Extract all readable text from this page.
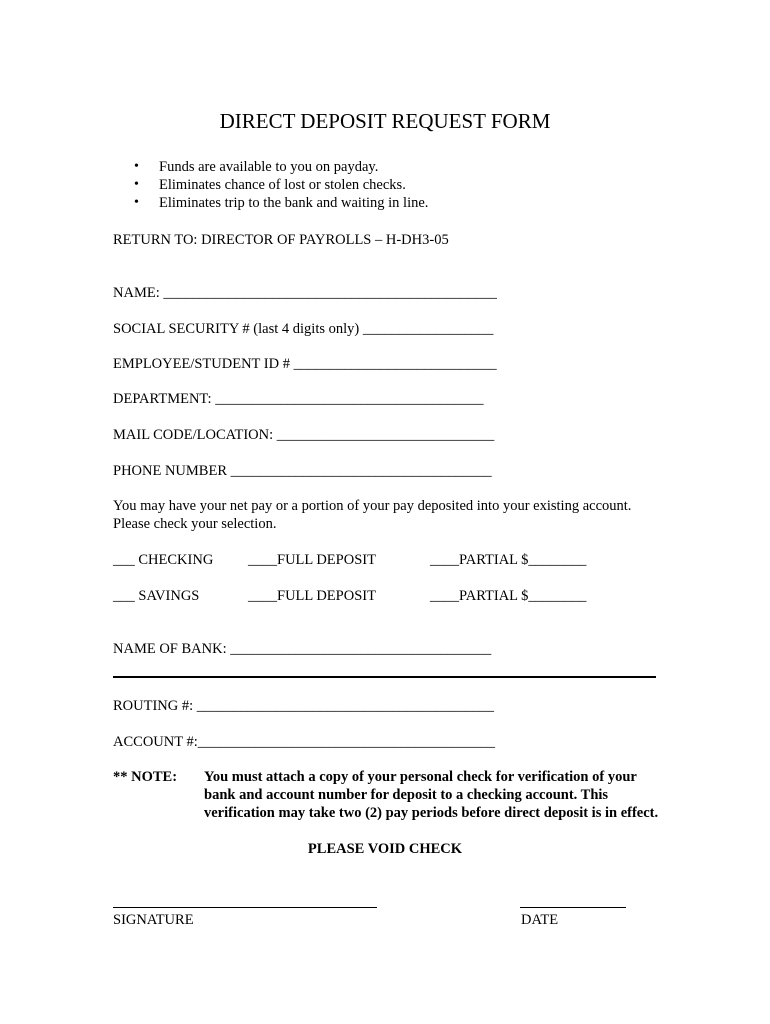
DIRECT DEPOSIT REQUEST FORM
• Funds are available to you on payday.
• Eliminates chance of lost or stolen checks.
• Eliminates trip to the bank and waiting in line.
RETURN TO: DIRECTOR OF PAYROLLS – H-DH3-05
NAME: ______________________________________________
SOCIAL SECURITY # (last 4 digits only) __________________
EMPLOYEE/STUDENT ID # ____________________________
DEPARTMENT: _____________________________________
MAIL CODE/LOCATION: ______________________________
PHONE NUMBER ____________________________________
You may have your net pay or a portion of your pay deposited into your existing account.
Please check your selection.
___ CHECKING ____FULL DEPOSIT	____PARTIAL $________
___ SAVINGS	____FULL DEPOSIT	____PARTIAL $________
NAME OF BANK: ____________________________________
ROUTING #: _________________________________________
ACCOUNT #:_________________________________________
** NOTE: You must attach a copy of your personal check for verification of your bank and account number for deposit to a checking account. This verification may take two (2) pay periods before direct deposit is in effect.
PLEASE VOID CHECK
SIGNATURE	DATE
